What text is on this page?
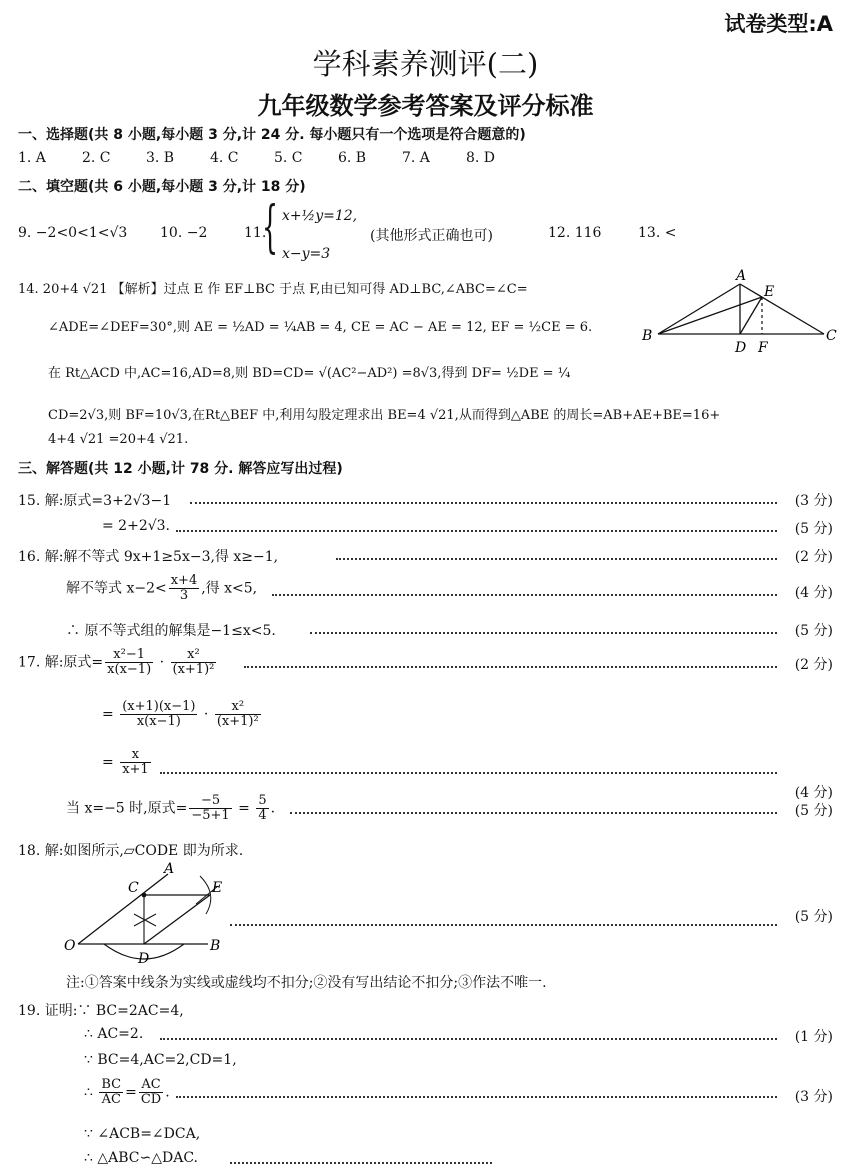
试卷类型:A
学科素养测评(二)
九年级数学参考答案及评分标准
一、选择题(共 8 小题,每小题 3 分,计 24 分. 每小题只有一个选项是符合题意的)
1. A	2. C	3. B	4. C	5. C	6. B	7. A	8. D
二、填空题(共 6 小题,每小题 3 分,计 18 分)
9. −2<0<1<√3 10. −2	11.
{ x+½y=12,
x−y=3
(其他形式正确也可)	12. 116	13. <
14. 20+4 √21 【解析】过点 E 作 EF⊥BC 于点 F,由已知可得 AD⊥BC,∠ABC=∠C=
∠ADE=∠DEF=30°,则 AE = ½AD = ¼AB = 4, CE = AC − AE = 12, EF = ½CE = 6.
在 Rt△ACD 中,AC=16,AD=8,则 BD=CD= √(AC²−AD²) =8√3,得到 DF= ½DE = ¼
CD=2√3,则 BF=10√3,在Rt△BEF 中,利用勾股定理求出 BE=4 √21,从而得到△ABE 的周长=AB+AE+BE=16+
4+4 √21 =20+4 √21.
A
E
B	C
D F
三、解答题(共 12 小题,计 78 分. 解答应写出过程)
15. 解:原式=3+2√3−1	(3 分)
= 2+2√3.	(5 分)
16. 解:解不等式 9x+1≥5x−3,得 x≥−1,	(2 分)
解不等式 $x-2< \frac{x+4}{3}$ ,得 x<5,	(4 分)
∴ 原不等式组的解集是−1≤x<5.	(5 分)
17. 解:原式= $\frac{\text{x²−1}}{x(x-1)} \cdot \frac{\text{x²}}{\text{(x+1)²}}$	(2 分)
= $\frac{(x+1)(x-1)}{x(x-1)} \cdot \frac{\text{x²}}{\text{(x+1)²}}$
= $\frac{x}{x+1}$
(4 分)
当 x=−5 时,原式= $\frac{-5}{-5+1} = \frac{5}{4}$ .	(5 分)
18. 解:如图所示,▱CODE 即为所求.
A
C	E
O
D
B
(5 分)
注:①答案中线条为实线或虚线均不扣分;②没有写出结论不扣分;③作法不唯一.
19. 证明:∵ BC=2AC=4,
∴ AC=2.	(1 分)
∵ BC=4,AC=2,CD=1,
∴ $\frac{BC}{AC} = \frac{AC}{CD}$ .	(3 分)
∵ ∠ACB=∠DCA,
∴ △ABC∽△DAC.
